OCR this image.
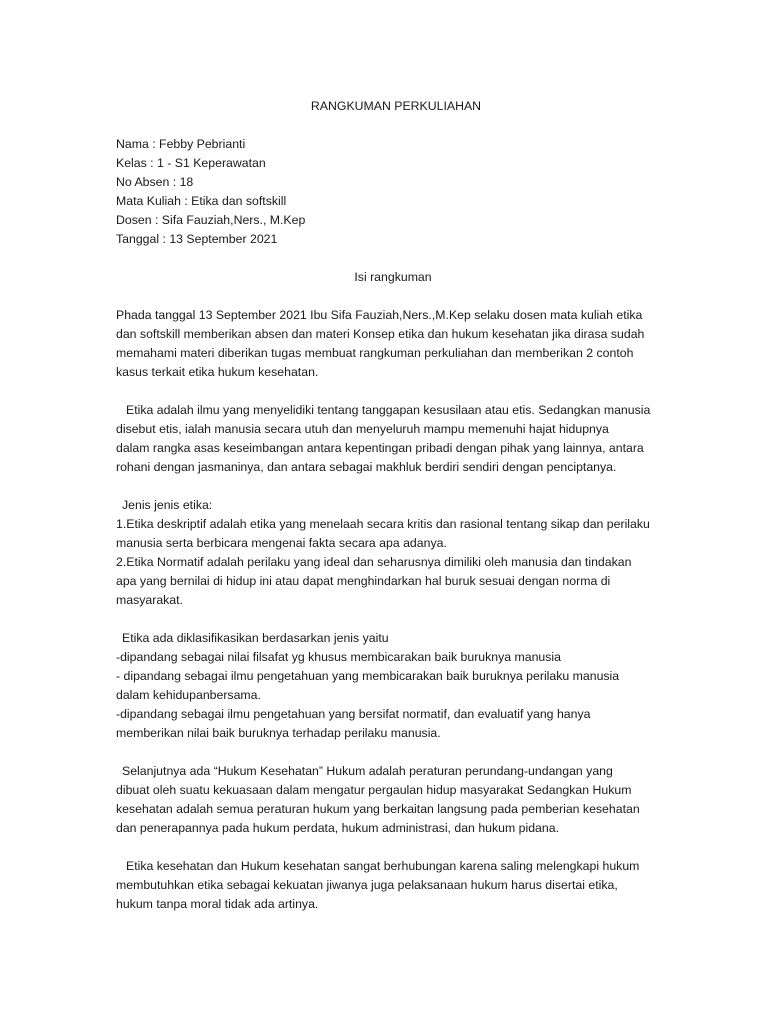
RANGKUMAN PERKULIAHAN
Nama : Febby Pebrianti
Kelas : 1 - S1 Keperawatan
No Absen : 18
Mata Kuliah : Etika dan softskill
Dosen : Sifa Fauziah,Ners., M.Kep
Tanggal : 13 September 2021
Isi rangkuman

Phada tanggal 13 September 2021 Ibu Sifa Fauziah,Ners.,M.Kep selaku dosen mata kuliah etika

dan softskill memberikan absen dan materi Konsep etika dan hukum kesehatan jika dirasa sudah

memahami materi diberikan tugas membuat rangkuman perkuliahan dan memberikan 2 contoh

kasus terkait etika hukum kesehatan.

Etika adalah ilmu yang menyelidiki tentang tanggapan kesusilaan atau etis. Sedangkan manusia

disebut etis, ialah manusia secara utuh dan menyeluruh mampu memenuhi hajat hidupnya

dalam rangka asas keseimbangan antara kepentingan pribadi dengan pihak yang lainnya, antara

rohani dengan jasmaninya, dan antara sebagai makhluk berdiri sendiri dengan penciptanya.

Jenis jenis etika:

1.Etika deskriptif adalah etika yang menelaah secara kritis dan rasional tentang sikap dan perilaku

manusia serta berbicara mengenai fakta secara apa adanya.

2.Etika Normatif adalah perilaku yang ideal dan seharusnya dimiliki oleh manusia dan tindakan

apa yang bernilai di hidup ini atau dapat menghindarkan hal buruk sesuai dengan norma di

masyarakat.

Etika ada diklasifikasikan berdasarkan jenis yaitu

-dipandang sebagai nilai filsafat yg khusus membicarakan baik buruknya manusia

- dipandang sebagai ilmu pengetahuan yang membicarakan baik buruknya perilaku manusia

dalam kehidupanbersama.

-dipandang sebagai ilmu pengetahuan yang bersifat normatif, dan evaluatif yang hanya

memberikan nilai baik buruknya terhadap perilaku manusia.

Selanjutnya ada “Hukum Kesehatan” Hukum adalah peraturan perundang-undangan yang

dibuat oleh suatu kekuasaan dalam mengatur pergaulan hidup masyarakat Sedangkan Hukum

kesehatan adalah semua peraturan hukum yang berkaitan langsung pada pemberian kesehatan

dan penerapannya pada hukum perdata, hukum administrasi, dan hukum pidana.

Etika kesehatan dan Hukum kesehatan sangat berhubungan karena saling melengkapi hukum

membutuhkan etika sebagai kekuatan jiwanya juga pelaksanaan hukum harus disertai etika,

hukum tanpa moral tidak ada artinya.
